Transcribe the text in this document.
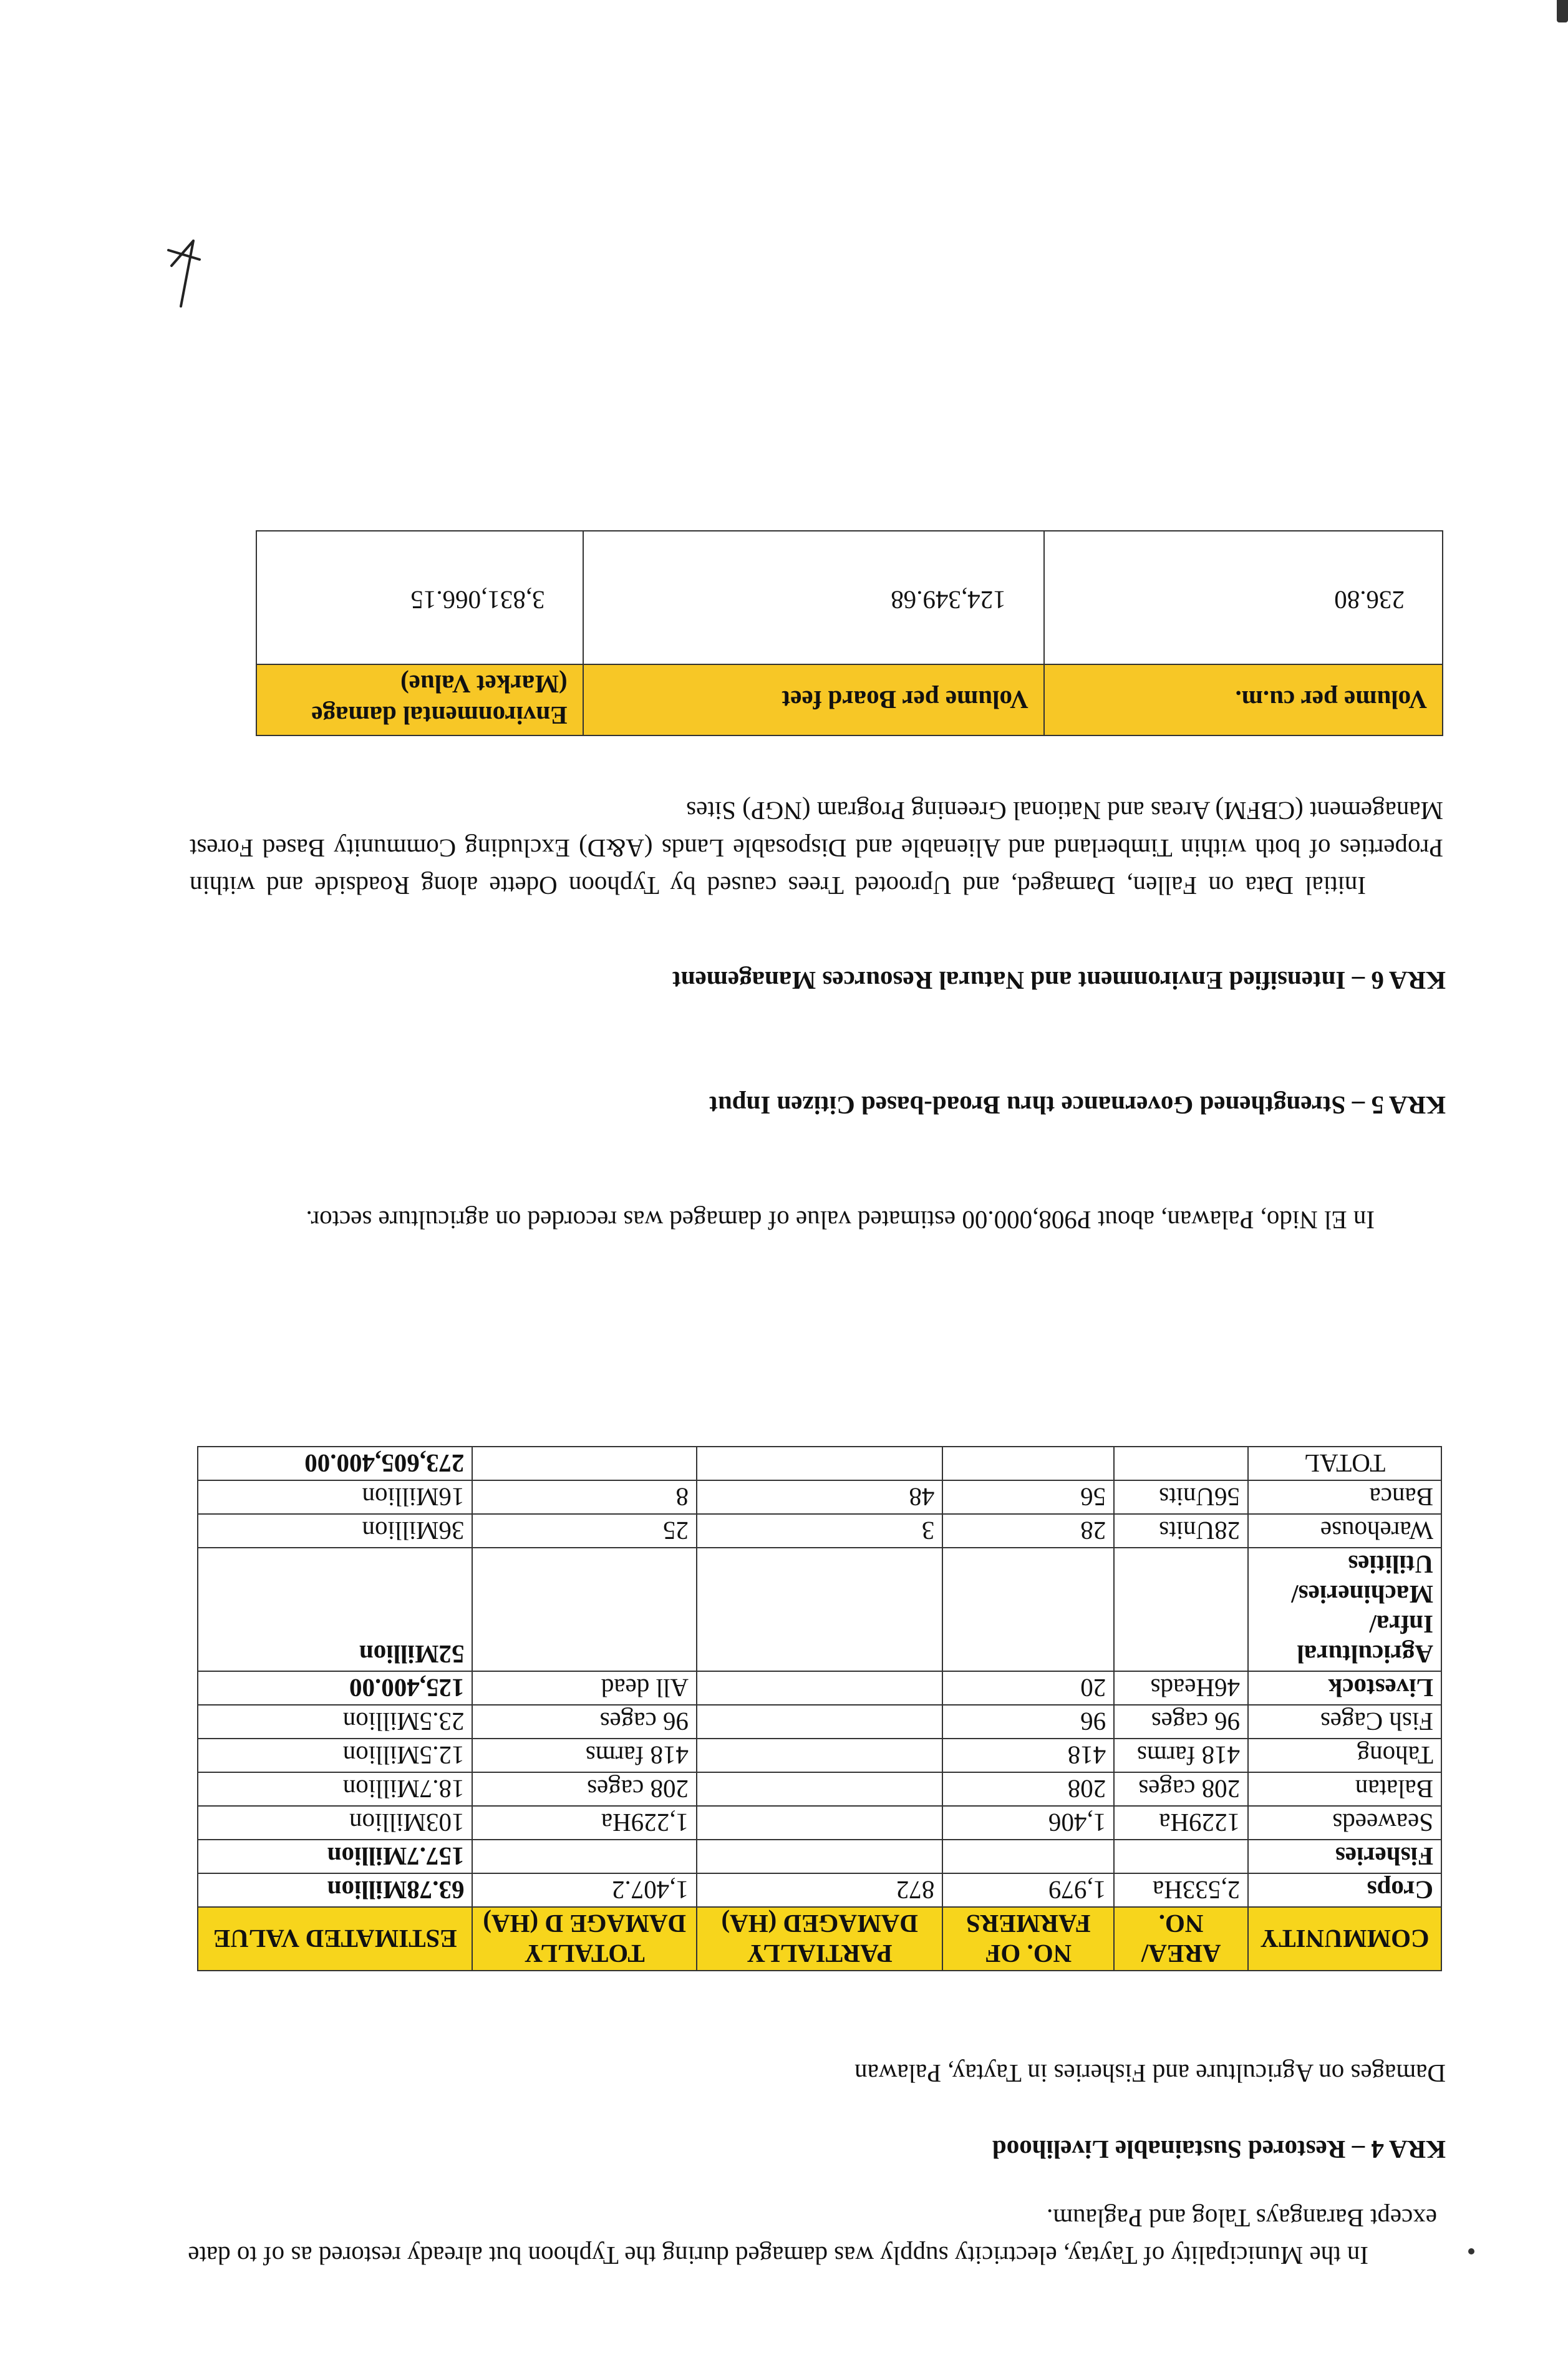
In the Municipality of Taytay, electricity supply was damaged during the Typhoon but already restored as of to date except Barangays Talog and Paglaum.
KRA 4 – Restored Sustainable Livelihood
Damages on Agriculture and Fisheries in Taytay, Palawan
COMMUNITY	AREA/ NO.	NO. OF FARMERS	PARTIALLY DAMAGED (HA)	TOTALLY DAMAGE D (HA)	ESTIMATED VALUE
Crops	2,533Ha	1,979	872	1,407.2	63.78Million
Fisheries					157.7Million
Seaweeds	1229Ha	1,406		1,229Ha	103Million
Balatan	208 cages	208		208 cages	18.7Million
Tahong	418 farms	418		418 farms	12.5Million
Fish Cages	96 cages	96		96 cages	23.5Million
Livestock	46Heads	20		All dead	125,400.00
Agricultural Infra/ Machineries/ Utilities					52Million
Warehouse	28Units	28	3	25	36Million
Banca	56Units	56	48	8	16Million
TOTAL					273,605,400.00
In El Nido, Palawan, about P908,000.00 estimated value of damaged was recorded on agriculture sector.
KRA 5 – Strengthened Governance thru Broad-based Citizen Input
KRA 6 – Intensified Environment and Natural Resources Management
Initial Data on Fallen, Damaged, and Uprooted Trees caused by Typhoon Odette along Roadside and within Properties of both within Timberland and Alienable and Disposable Lands (A&D) Excluding Community Based Forest Management (CBFM) Areas and National Greening Program (NGP) Sites
Volume per cu.m.	Volume per Board feet	Environmental damage (Market Value)
236.80	124,349.68	3,831,066.15
